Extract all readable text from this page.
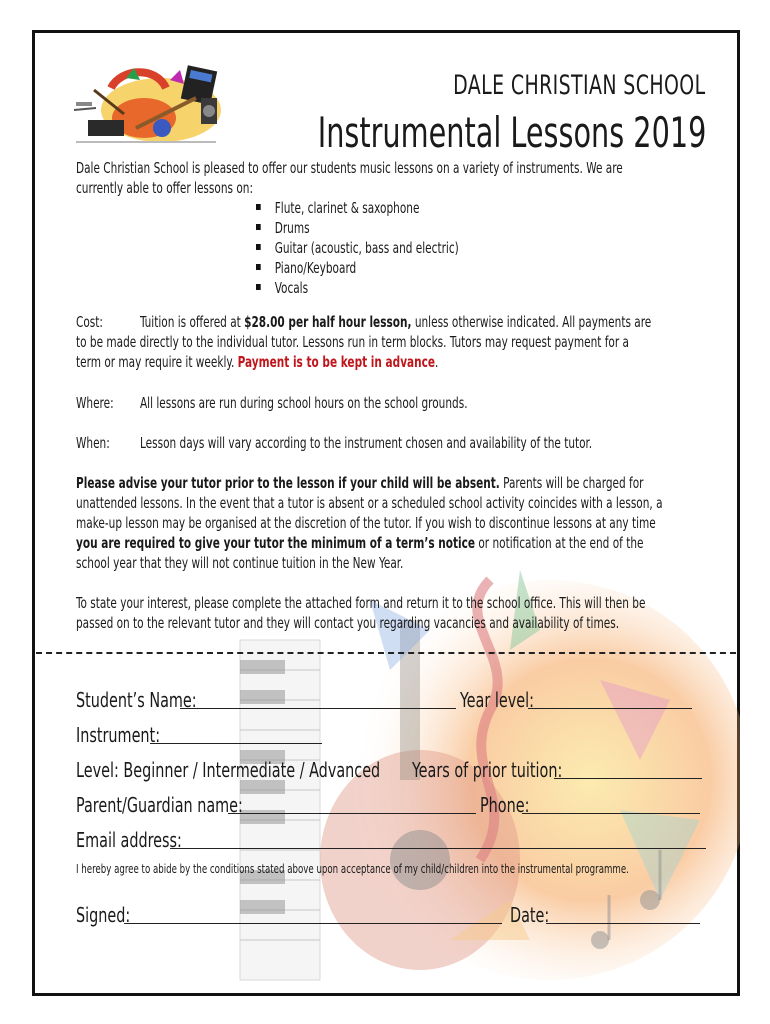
DALE CHRISTIAN SCHOOL
Instrumental Lessons 2019
Dale Christian School is pleased to offer our students music lessons on a variety of instruments. We are
currently able to offer lessons on:
Flute, clarinet & saxophone
Drums
Guitar (acoustic, bass and electric)
Piano/Keyboard
Vocals
Cost: Tuition is offered at $28.00 per half hour lesson, unless otherwise indicated. All payments are
to be made directly to the individual tutor. Lessons run in term blocks. Tutors may request payment for a
term or may require it weekly. Payment is to be kept in advance.
Where: All lessons are run during school hours on the school grounds.
When: Lesson days will vary according to the instrument chosen and availability of the tutor.
Please advise your tutor prior to the lesson if your child will be absent. Parents will be charged for
unattended lessons. In the event that a tutor is absent or a scheduled school activity coincides with a lesson, a
make-up lesson may be organised at the discretion of the tutor. If you wish to discontinue lessons at any time
you are required to give your tutor the minimum of a term’s notice or notification at the end of the
school year that they will not continue tuition in the New Year.
To state your interest, please complete the attached form and return it to the school office. This will then be
passed on to the relevant tutor and they will contact you regarding vacancies and availability of times.
Student’s Name:	Year level:
Instrument:
Level: Beginner / Intermediate / Advanced Years of prior tuition:
Parent/Guardian name:	Phone:
Email address:
I hereby agree to abide by the conditions stated above upon acceptance of my child/children into the instrumental programme.
Signed:	Date:
